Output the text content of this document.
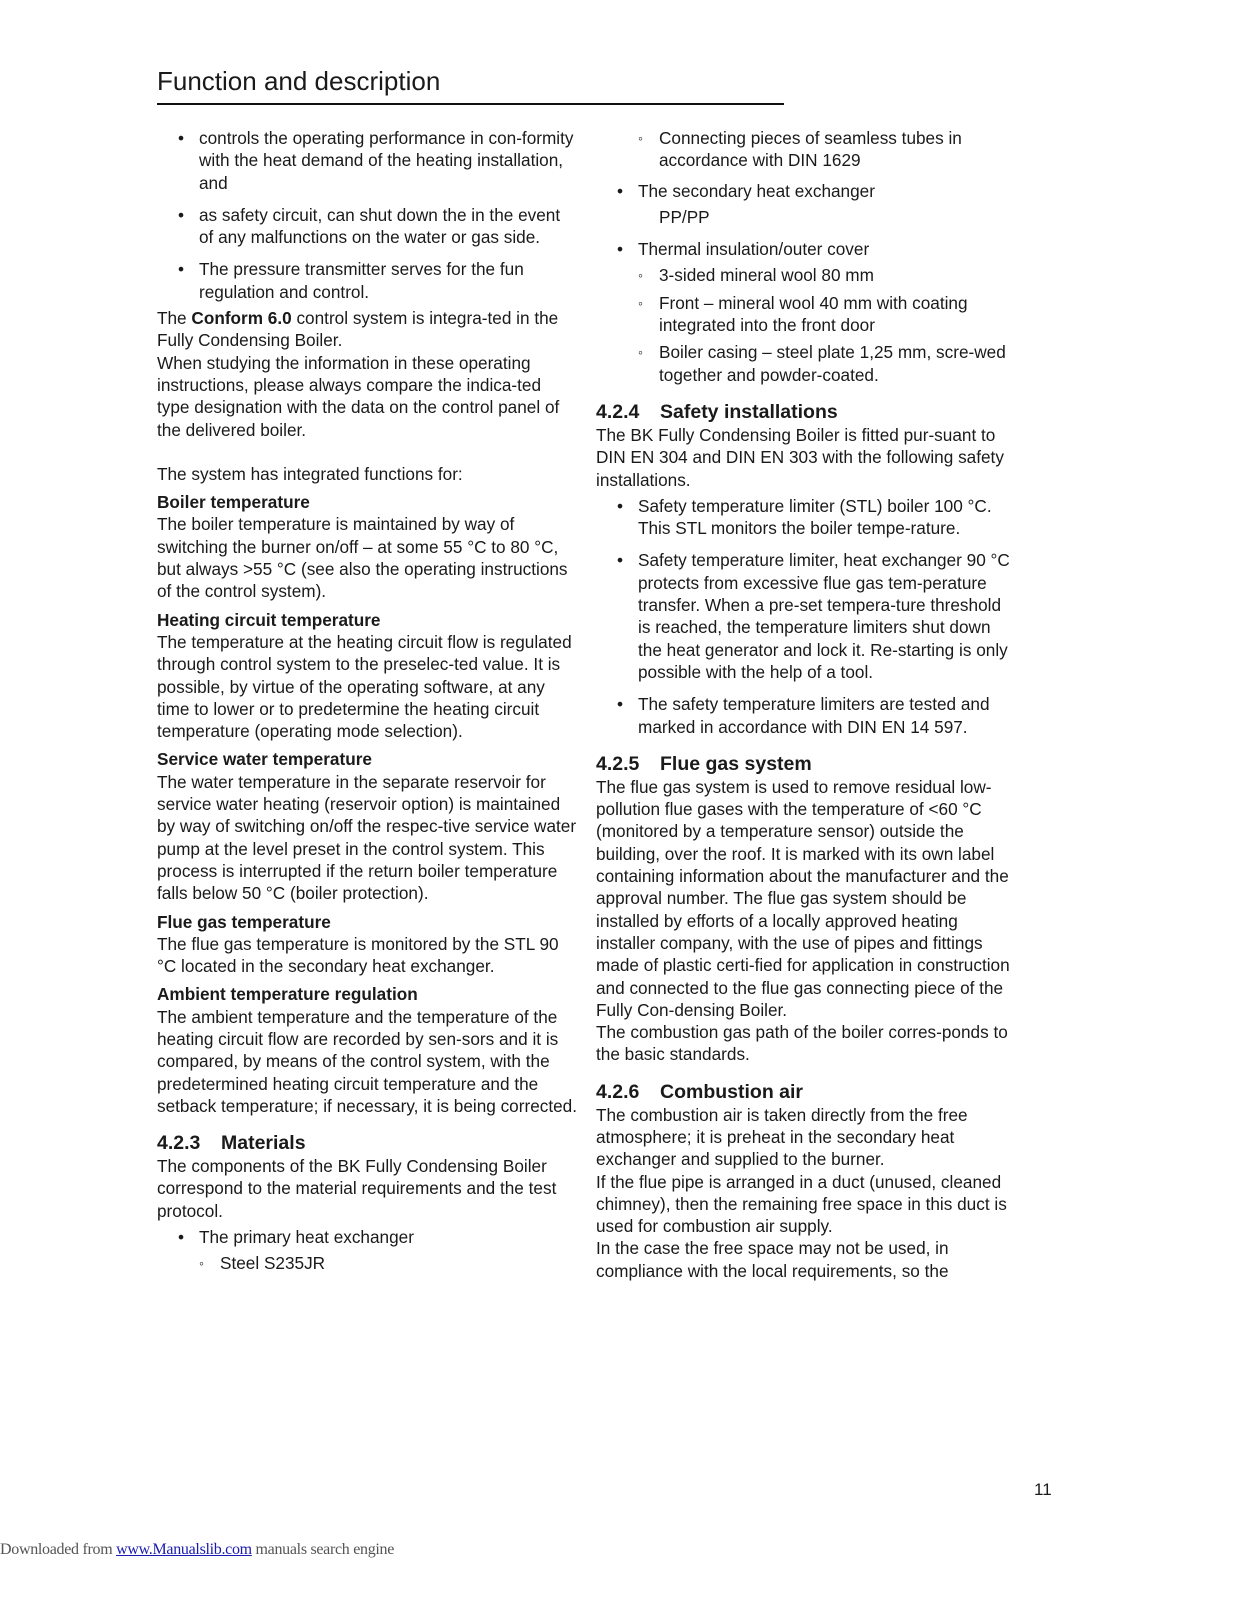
Function and description
• controls the operating performance in con-formity with the heat demand of the heating installation, and
• as safety circuit, can shut down the in the event of any malfunctions on the water or gas side.
• The pressure transmitter serves for the fun regulation and control.

The Conform 6.0 control system is integra-ted in the Fully Condensing Boiler.

When studying the information in these operating instructions, please always compare the indica-ted type designation with the data on the control panel of the delivered boiler.

The system has integrated functions for:

Boiler temperature

The boiler temperature is maintained by way of switching the burner on/off – at some 55 °C to 80 °C, but always >55 °C (see also the operating instructions of the control system).

Heating circuit temperature

The temperature at the heating circuit flow is regulated through control system to the preselec-ted value. It is possible, by virtue of the operating software, at any time to lower or to predetermine the heating circuit temperature (operating mode selection).

Service water temperature

The water temperature in the separate reservoir for service water heating (reservoir option) is maintained by way of switching on/off the respec-tive service water pump at the level preset in the control system. This process is interrupted if the return boiler temperature falls below 50 °C (boiler protection).

Flue gas temperature

The flue gas temperature is monitored by the STL 90 °C located in the secondary heat exchanger.

Ambient temperature regulation

The ambient temperature and the temperature of the heating circuit flow are recorded by sen-sors and it is compared, by means of the control system, with the predetermined heating circuit temperature and the setback temperature; if necessary, it is being corrected.

4.2.3 Materials

The components of the BK Fully Condensing Boiler correspond to the material requirements and the test protocol.

• The primary heat exchanger
◦ Steel S235JR
◦ Connecting pieces of seamless tubes in accordance with DIN 1629
• The secondary heat exchanger
PP/PP
• Thermal insulation/outer cover
◦ 3-sided mineral wool 80 mm
◦ Front – mineral wool 40 mm with coating integrated into the front door
◦ Boiler casing – steel plate 1,25 mm, scre-wed together and powder-coated.

4.2.4 Safety installations

The BK Fully Condensing Boiler is fitted pur-suant to DIN EN 304 and DIN EN 303 with the following safety installations.

• Safety temperature limiter (STL) boiler 100 °C. This STL monitors the boiler tempe-rature.
• Safety temperature limiter, heat exchanger 90 °C protects from excessive flue gas tem-perature transfer. When a pre-set tempera-ture threshold is reached, the temperature limiters shut down the heat generator and lock it. Re-starting is only possible with the help of a tool.
• The safety temperature limiters are tested and marked in accordance with DIN EN 14 597.

4.2.5 Flue gas system

The flue gas system is used to remove residual low-pollution flue gases with the temperature of <60 °C (monitored by a temperature sensor) outside the building, over the roof. It is marked with its own label containing information about the manufacturer and the approval number. The flue gas system should be installed by efforts of a locally approved heating installer company, with the use of pipes and fittings made of plastic certi-fied for application in construction and connected to the flue gas connecting piece of the Fully Con-densing Boiler.

The combustion gas path of the boiler corres-ponds to the basic standards.

4.2.6 Combustion air

The combustion air is taken directly from the free atmosphere; it is preheat in the secondary heat exchanger and supplied to the burner.

If the flue pipe is arranged in a duct (unused, cleaned chimney), then the remaining free space in this duct is used for combustion air supply.

In the case the free space may not be used, in compliance with the local requirements, so the

11
Downloaded from www.Manualslib.com manuals search engine
